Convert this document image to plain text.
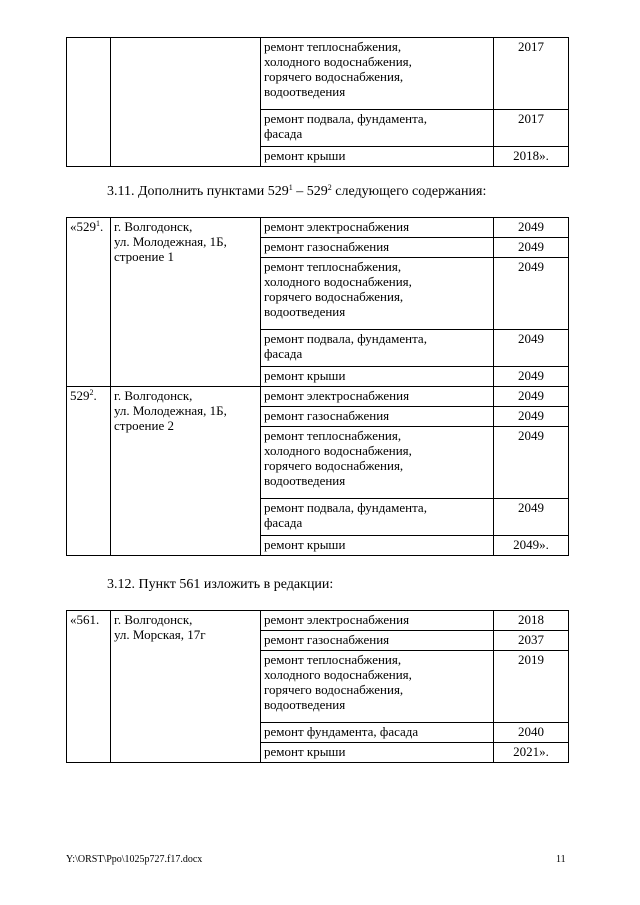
		ремонт теплоснабжения,
холодного водоснабжения,
горячего водоснабжения,
водоотведения	2017
		ремонт подвала, фундамента,
фасада	2017
		ремонт крыши	2018».
3.11. Дополнить пунктами $529^1 - 529^2$ следующего содержания:
«$529^1$.	г. Волгодонск,
ул. Молодежная, 1Б,
строение 1	ремонт электроснабжения	2049
		ремонт газоснабжения	2049
		ремонт теплоснабжения,
холодного водоснабжения,
горячего водоснабжения,
водоотведения	2049
		ремонт подвала, фундамента,
фасада	2049
		ремонт крыши	2049
$529^2$.	г. Волгодонск,
ул. Молодежная, 1Б,
строение 2	ремонт электроснабжения	2049
		ремонт газоснабжения	2049
		ремонт теплоснабжения,
холодного водоснабжения,
горячего водоснабжения,
водоотведения	2049
		ремонт подвала, фундамента,
фасада	2049
		ремонт крыши	2049».
3.12. Пункт 561 изложить в редакции:
«561.	г. Волгодонск,
ул. Морская, 17г	ремонт электроснабжения	2018
		ремонт газоснабжения	2037
		ремонт теплоснабжения,
холодного водоснабжения,
горячего водоснабжения,
водоотведения	2019
		ремонт фундамента, фасада	2040
		ремонт крыши	2021».
Y:\ORST\Ppo\1025p727.f17.docx	11
